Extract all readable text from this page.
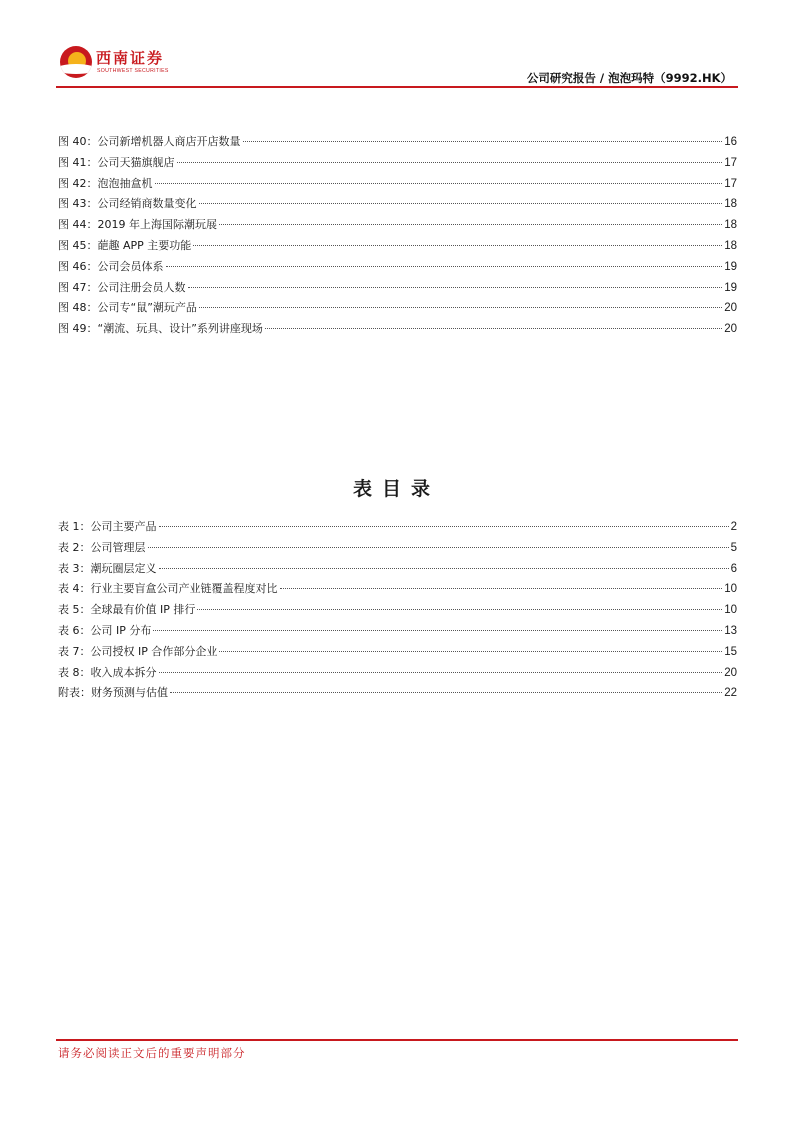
西南证券
SOUTHWEST SECURITIES	公司研究报告 / 泡泡玛特（9992.HK）
图 40：公司新增机器人商店开店数量	16
图 41：公司天猫旗舰店	17
图 42：泡泡抽盒机	17
图 43：公司经销商数量变化	18
图 44：2019 年上海国际潮玩展	18
图 45：葩趣 APP 主要功能	18
图 46：公司会员体系	19
图 47：公司注册会员人数	19
图 48：公司专“鼠”潮玩产品	20
图 49：“潮流、玩具、设计”系列讲座现场	20
表目录
表 1：公司主要产品	2
表 2：公司管理层	5
表 3：潮玩圈层定义	6
表 4：行业主要盲盒公司产业链覆盖程度对比	10
表 5：全球最有价值 IP 排行	10
表 6：公司 IP 分布	13
表 7：公司授权 IP 合作部分企业	15
表 8：收入成本拆分	20
附表：财务预测与估值	22
请务必阅读正文后的重要声明部分
